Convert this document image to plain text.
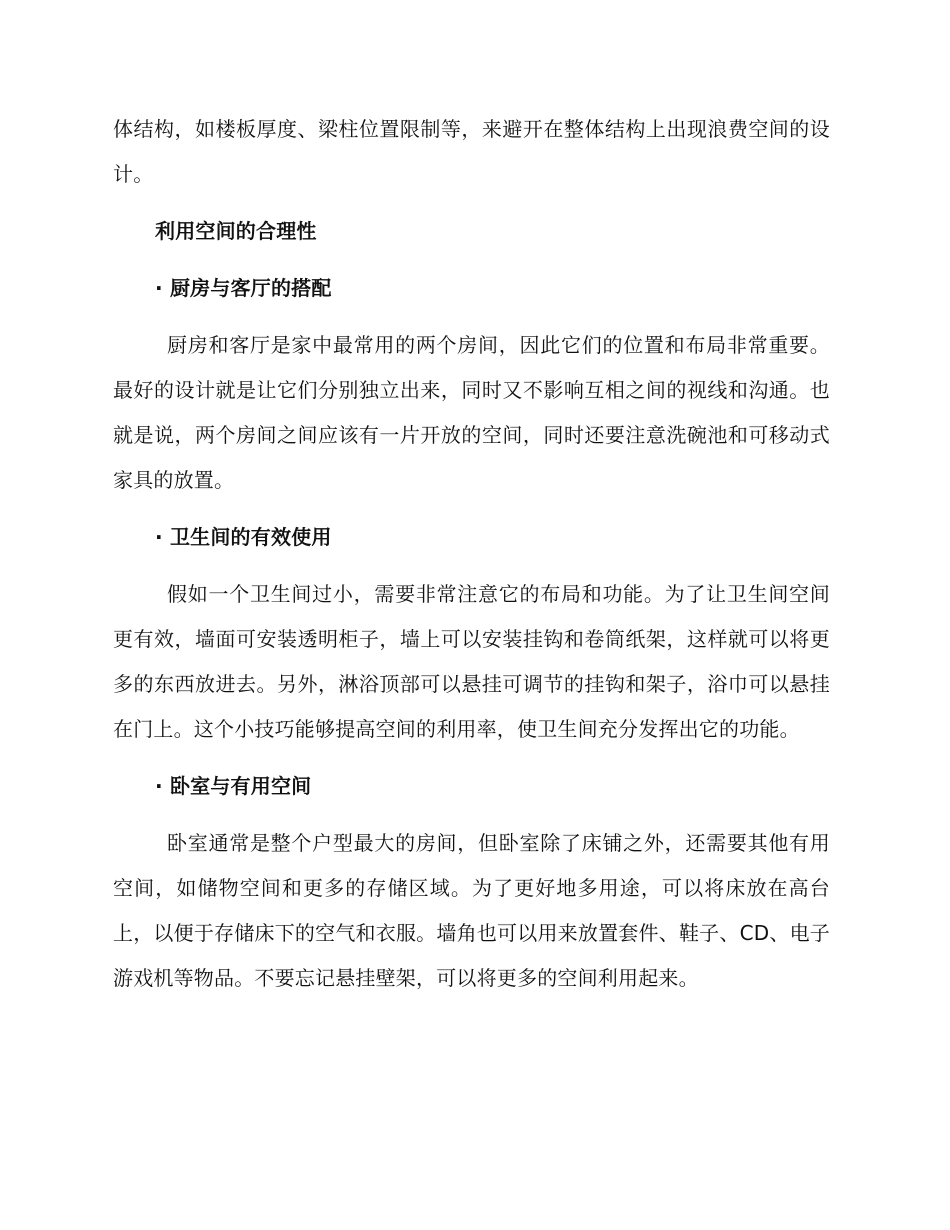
体结构，如楼板厚度、梁柱位置限制等，来避开在整体结构上出现浪费空间的设计。

利用空间的合理性

· 厨房与客厅的搭配

厨房和客厅是家中最常用的两个房间，因此它们的位置和布局非常重要。最好的设计就是让它们分别独立出来，同时又不影响互相之间的视线和沟通。也就是说，两个房间之间应该有一片开放的空间，同时还要注意洗碗池和可移动式家具的放置。

· 卫生间的有效使用

假如一个卫生间过小，需要非常注意它的布局和功能。为了让卫生间空间更有效，墙面可安装透明柜子，墙上可以安装挂钩和卷筒纸架，这样就可以将更多的东西放进去。另外，淋浴顶部可以悬挂可调节的挂钩和架子，浴巾可以悬挂在门上。这个小技巧能够提高空间的利用率，使卫生间充分发挥出它的功能。

· 卧室与有用空间

卧室通常是整个户型最大的房间，但卧室除了床铺之外，还需要其他有用空间，如储物空间和更多的存储区域。为了更好地多用途，可以将床放在高台上，以便于存储床下的空气和衣服。墙角也可以用来放置套件、鞋子、CD、电子游戏机等物品。不要忘记悬挂壁架，可以将更多的空间利用起来。
